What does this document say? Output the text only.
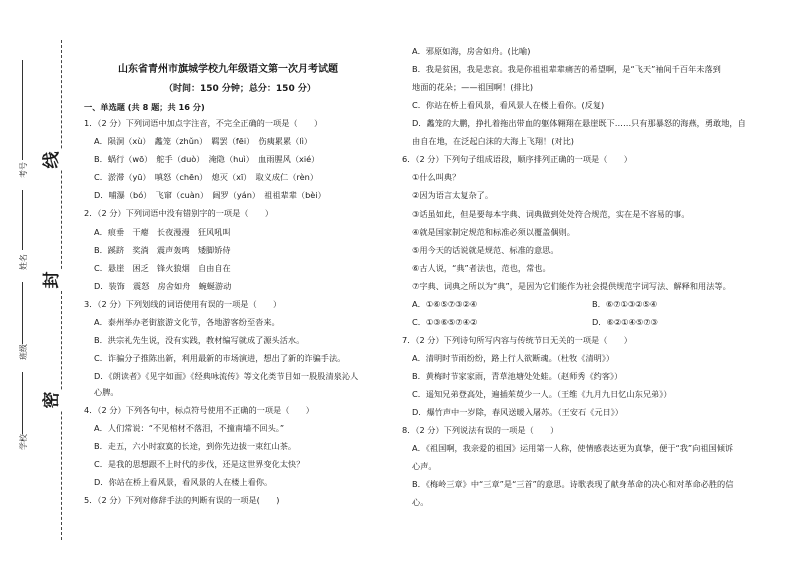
线
封
密
考号
姓名
班级
学校
山东省青州市旗城学校九年级语文第一次月考试题
（时间：150 分钟；总分：150 分）
一、单选题 (共 8 题；共 16 分)
1．（2 分）下列词语中加点字注音，不完全正确的一项是（　　）
A．陨洞（xù）　蠡笼（zhǔn）　羁罢（fēi）　伤痍累累（lì）
B．蜗行（wō）　舵手（duò）　淹隐（huì）　血雨腥风（xié）
C．淤滞（yū）　嗔怒（chēn）　熄灭（xī）　取义成仁（rèn）
D．哺瀑（bó）　飞窜（cuàn）　阔罗（yán）　祖祖辈辈（bèi）
2．（2 分）下列词语中没有错别字的一项是（　　）
A．痕垂　干瘪　长夜漫漫　狂风吼叫
B．蹊跻　奖淌　震声轰鸣　矮脚矫侍
C．悬崖　困乏　锋火狼烟　自由自在
D．装饰　震怒　房舍如舟　蜿蜒游动
3．（2 分）下列划线的词语使用有误的一项是（　　）
A．泰州举办老街旅游文化节，各地游客纷至沓来。
B．洪宗礼先生说，没有实践，教材编写就成了源头活水。
C．诈骗分子推陈出新，利用最新的市场演进，想出了新的诈骗手法。
D．《朗读者》《见字如面》《经典咏流传》等文化类节目如一股股清泉沁人
心脾。
4．（2 分）下列各句中，标点符号使用不正确的一项是（　　）
A．人们常说：“不见棺材不落泪，不撞南墙不回头。”
B．走五，六小时寂寞的长途，到你先边拔一束红山茶。
C．是我的思想跟不上时代的步伐，还是这世界变化太快？
D．你站在桥上看风景，看风景的人在楼上看你。
5．（2 分）下列对修辞手法的判断有误的一项是(　　)
A．邪原如海，房舍如舟。(比喻)
B．我是贫困，我是悲哀。我是你祖祖辈辈痛苦的希望啊，是“飞天”袖间千百年未落到
地面的花朵；——祖国啊！(排比)
C．你站在桥上看风景，看风景人在楼上看你。(反复)
D．蠡笼的大鹏，挣扎着拖出带血的躯体翱翔在悬崖既下……只有那暴怒的海燕，勇敢地，自
由自在地，在泛起白沫的大海上飞翔！(对比)
6．（2 分）下列句子组成语段，顺序排列正确的一项是（　　）
①什么叫典？
②因为语言太复杂了。
③话虽如此，但是要每本字典、词典做到处处符合规范，实在是不容易的事。
④就是国家制定规范和标准必须以覆盖偶则。
⑤用今天的话说就是规范、标准的意思。
⑥古人说，“典”者法也，范也，常也。
⑦字典、词典之所以为“典”，是因为它们能作为社会提供规范字词写法、解释和用法等。
A．①⑥⑤⑦③②④	B．⑥⑦①③②⑤④
C．①③⑥⑤⑦④②	D．⑥②①④⑤⑦③
7．（2 分）下列诗句所写内容与传统节日无关的一项是（　　）
A．清明时节雨纷纷，路上行人欲断魂。（杜牧《清明》）
B．黄梅时节家家雨，青草池塘处处蛙。（赵师秀《约客》）
C．遥知兄弟登高处，遍插茱萸少一人。（王维《九月九日忆山东兄弟》）
D．爆竹声中一岁除，春风送暖入屠苏。（王安石《元日》）
8．（2 分）下列说法有误的一项是（　　）
A．《祖国啊，我亲爱的祖国》运用第一人称，使情感表达更为真挚，便于“我”向祖国倾诉
心声。
B．《梅岭三章》中“三章”是“三首”的意思。诗歌表现了献身革命的决心和对革命必胜的信
心。
